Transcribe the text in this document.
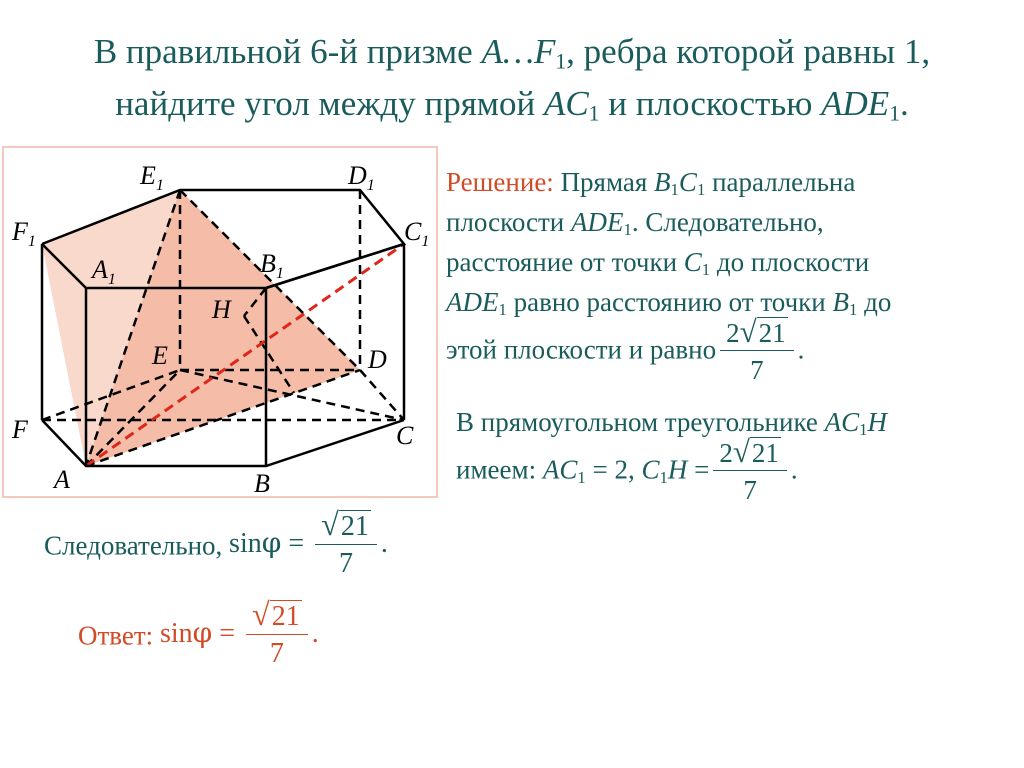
В правильной 6-й призме $A\dots F_1$, ребра которой равны 1,
найдите угол между прямой $AC_1$ и плоскостью $ADE_1$.
$E_1$	$D_1$
$F_1$	$C_1$
$A_1$
$B_1$
H
E	D
F	C
A	B
Решение: Прямая $B_1C_1$ параллельна
плоскости $ADE_1$. Следовательно,
расстояние от точки $C_1$ до плоскости
$ADE_1$ равно расстоянию от точки $B_1$ до
этой плоскости и равно $\frac{2√21}{7}$ .
В прямоугольном треугольнике $AC_1H$
имеем: $AC_1 = 2$, $C_1H = \frac{2√21}{7}$ .
Следовательно, $\sin\varphi = \frac{√21}{7}$ .
Ответ: $\sin\varphi = \frac{√21}{7}$ .
